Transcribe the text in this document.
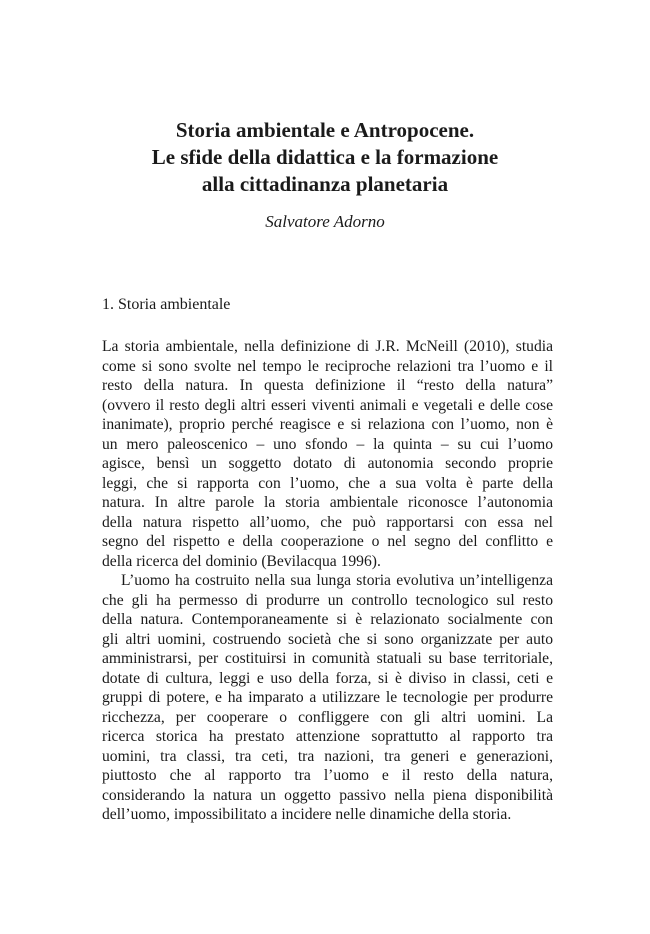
Storia ambientale e Antropocene.
Le sfide della didattica e la formazione
alla cittadinanza planetaria
Salvatore Adorno
1. Storia ambientale
La storia ambientale, nella definizione di J.R. McNeill (2010), studia
come si sono svolte nel tempo le reciproche relazioni tra l’uomo e il
resto della natura. In questa definizione il “resto della natura”
(ovvero il resto degli altri esseri viventi animali e vegetali e delle cose
inanimate), proprio perché reagisce e si relaziona con l’uomo, non è
un mero paleoscenico – uno sfondo – la quinta – su cui l’uomo
agisce, bensì un soggetto dotato di autonomia secondo proprie
leggi, che si rapporta con l’uomo, che a sua volta è parte della
natura. In altre parole la storia ambientale riconosce l’autonomia
della natura rispetto all’uomo, che può rapportarsi con essa nel
segno del rispetto e della cooperazione o nel segno del conflitto e
della ricerca del dominio (Bevilacqua 1996).
L’uomo ha costruito nella sua lunga storia evolutiva un’intelligenza
che gli ha permesso di produrre un controllo tecnologico sul resto
della natura. Contemporaneamente si è relazionato socialmente con
gli altri uomini, costruendo società che si sono organizzate per auto
amministrarsi, per costituirsi in comunità statuali su base territoriale,
dotate di cultura, leggi e uso della forza, si è diviso in classi, ceti e
gruppi di potere, e ha imparato a utilizzare le tecnologie per produrre
ricchezza, per cooperare o confliggere con gli altri uomini. La
ricerca storica ha prestato attenzione soprattutto al rapporto tra
uomini, tra classi, tra ceti, tra nazioni, tra generi e generazioni,
piuttosto che al rapporto tra l’uomo e il resto della natura,
considerando la natura un oggetto passivo nella piena disponibilità
dell’uomo, impossibilitato a incidere nelle dinamiche della storia.
